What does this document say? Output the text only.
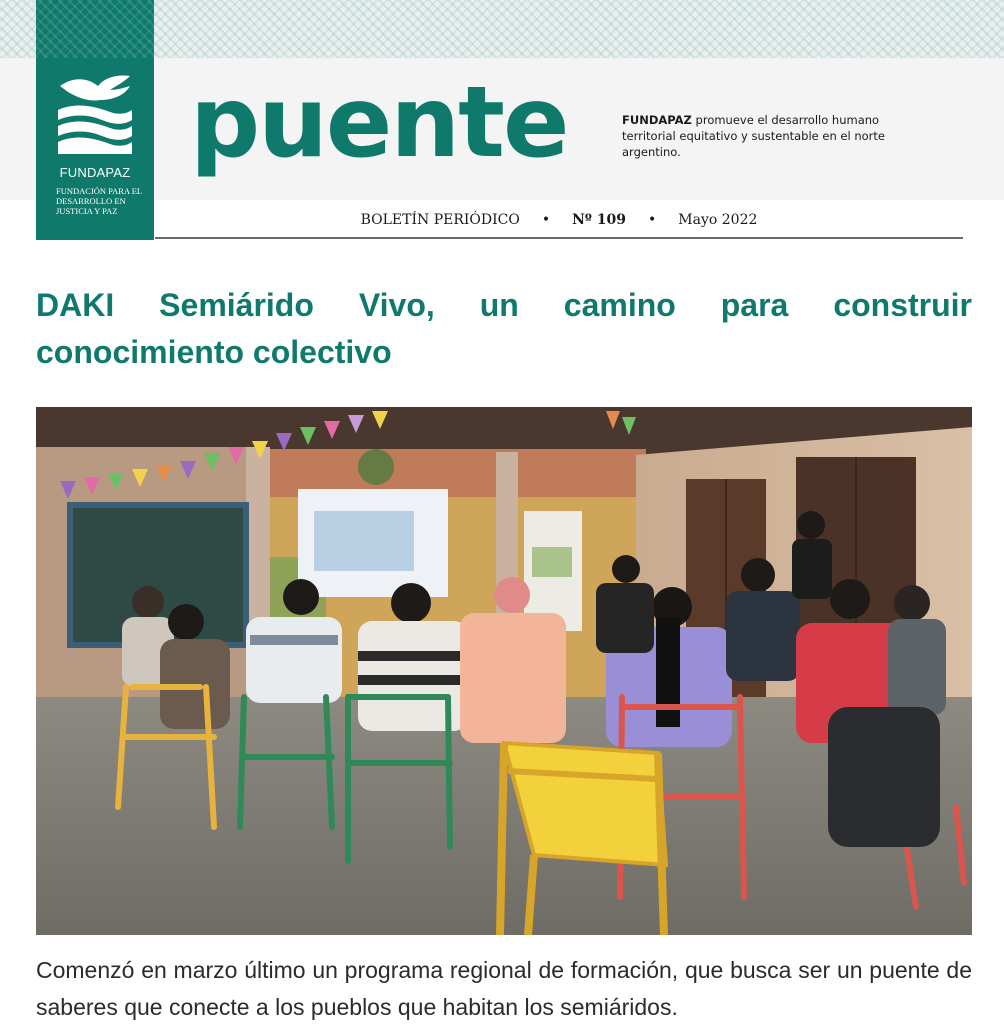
FUNDAPAZ
FUNDACIÓN PARA EL DESARROLLO EN JUSTICIA Y PAZ
puente	FUNDAPAZ promueve el desarrollo humano territorial equitativo y sustentable en el norte argentino.
BOLETÍN PERIÓDICO • Nº 109 • Mayo 2022
DAKI Semiárido Vivo, un camino para construir conocimiento colectivo

Comenzó en marzo último un programa regional de formación, que busca ser un puente de saberes que conecte a los pueblos que habitan los semiáridos.
